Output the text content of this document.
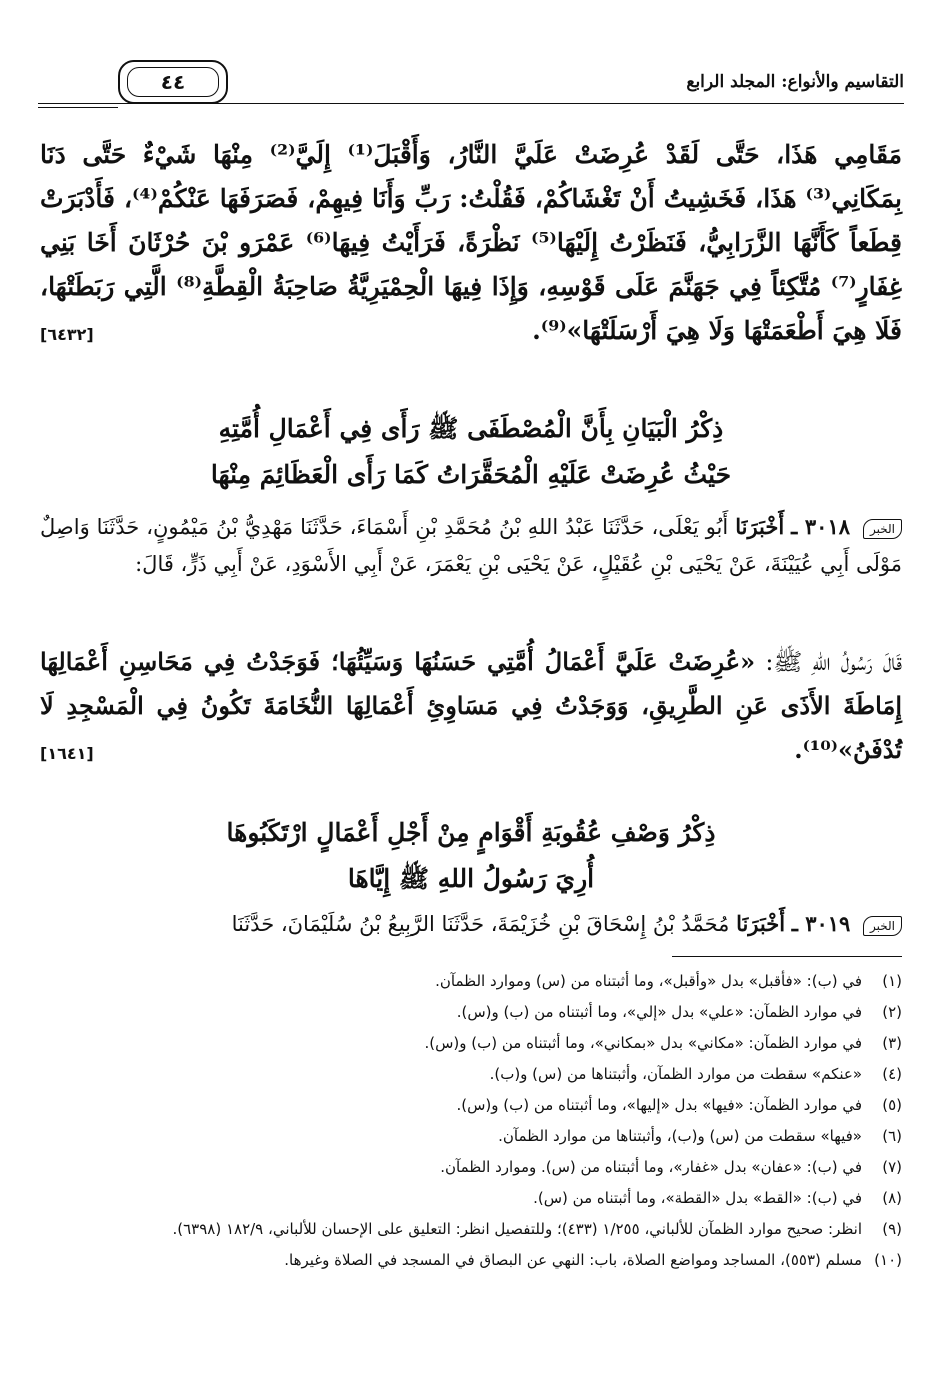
التقاسيم والأنواع: المجلد الرابع
٤٤
مَقَامِي هَذَا، حَتَّى لَقَدْ عُرِضَتْ عَلَيَّ النَّارُ، وَأَقْبَلَ⁽¹⁾ إِلَيَّ⁽²⁾ مِنْهَا شَيْءٌ حَتَّى دَنَا بِمَكَانِي⁽³⁾ هَذَا، فَخَشِيتُ أَنْ تَغْشَاكُمْ، فَقُلْتُ: رَبِّ وَأَنَا فِيهِمْ، فَصَرَفَهَا عَنْكُمْ⁽⁴⁾، فَأَدْبَرَتْ قِطَعاً كَأَنَّهَا الزَّرَابِيُّ، فَنَظَرْتُ إِلَيْهَا⁽⁵⁾ نَظْرَةً، فَرَأَيْتُ فِيهَا⁽⁶⁾ عَمْرَو بْنَ حُرْثَانَ أَخَا بَنِي غِفَارٍ⁽⁷⁾ مُتَّكِئاً فِي جَهَنَّمَ عَلَى قَوْسِهِ، وَإِذَا فِيهَا الْحِمْيَرِيَّةُ صَاحِبَةُ الْقِطَّةِ⁽⁸⁾ الَّتِي رَبَطَتْهَا، فَلَا هِيَ أَطْعَمَتْهَا وَلَا هِيَ أَرْسَلَتْهَا»⁽⁹⁾.
[٦٤٣٢]
ذِكْرُ الْبَيَانِ بِأَنَّ الْمُصْطَفَى ﷺ رَأَى فِي أَعْمَالِ أُمَّتِهِ
حَيْثُ عُرِضَتْ عَلَيْهِ الْمُحَقَّرَاتُ كَمَا رَأَى الْعَظَائِمَ مِنْهَا
الخبر ٣٠١٨ ـ أَخْبَرَنَا أَبُو يَعْلَى، حَدَّثَنَا عَبْدُ اللهِ بْنُ مُحَمَّدِ بْنِ أَسْمَاءَ، حَدَّثَنَا مَهْدِيُّ بْنُ مَيْمُونٍ، حَدَّثَنَا وَاصِلٌ مَوْلَى أَبِي عُيَيْنَةَ، عَنْ يَحْيَى بْنِ عُقَيْلٍ، عَنْ يَحْيَى بْنِ يَعْمَرَ، عَنْ أَبِي الأَسْوَدِ، عَنْ أَبِي ذَرٍّ، قَالَ:
قَالَ رَسُولُ اللهِ ﷺ: «عُرِضَتْ عَلَيَّ أَعْمَالُ أُمَّتِي حَسَنُهَا وَسَيِّئُهَا؛ فَوَجَدْتُ فِي مَحَاسِنِ أَعْمَالِهَا إِمَاطَةَ الأَذَى عَنِ الطَّرِيقِ، وَوَجَدْتُ فِي مَسَاوِئِ أَعْمَالِهَا النُّخَامَةَ تَكُونُ فِي الْمَسْجِدِ لَا تُدْفَنُ»⁽¹⁰⁾.
[١٦٤١]
ذِكْرُ وَصْفِ عُقُوبَةِ أَقْوَامٍ مِنْ أَجْلِ أَعْمَالٍ ارْتَكَبُوهَا
أُرِيَ رَسُولُ اللهِ ﷺ إِيَّاهَا
الخبر ٣٠١٩ ـ أَخْبَرَنَا مُحَمَّدُ بْنُ إِسْحَاقَ بْنِ خُزَيْمَةَ، حَدَّثَنَا الرَّبِيعُ بْنُ سُلَيْمَانَ، حَدَّثَنَا
(١)
في (ب): «فأقبل» بدل «وأقبل»، وما أثبتناه من (س) وموارد الظمآن.
(٢)
في موارد الظمآن: «علي» بدل «إلي»، وما أثبتناه من (ب) و(س).
(٣)
في موارد الظمآن: «مكاني» بدل «بمكاني»، وما أثبتناه من (ب) و(س).
(٤)
«عنكم» سقطت من موارد الظمآن، وأثبتناها من (س) و(ب).
(٥)
في موارد الظمآن: «فيها» بدل «إليها»، وما أثبتناه من (ب) و(س).
(٦)
«فيها» سقطت من (س) و(ب)، وأثبتناها من موارد الظمآن.
(٧)
في (ب): «عفان» بدل «غفار»، وما أثبتناه من (س). وموارد الظمآن.
(٨)
في (ب): «القط» بدل «القطة»، وما أثبتناه من (س).
(٩)
انظر: صحيح موارد الظمآن للألباني، ١/٢٥٥ (٤٣٣)؛ وللتفصيل انظر: التعليق على الإحسان للألباني، ١٨٢/٩ (٦٣٩٨).
(١٠)
مسلم (٥٥٣)، المساجد ومواضع الصلاة، باب: النهي عن البصاق في المسجد في الصلاة وغيرها.
